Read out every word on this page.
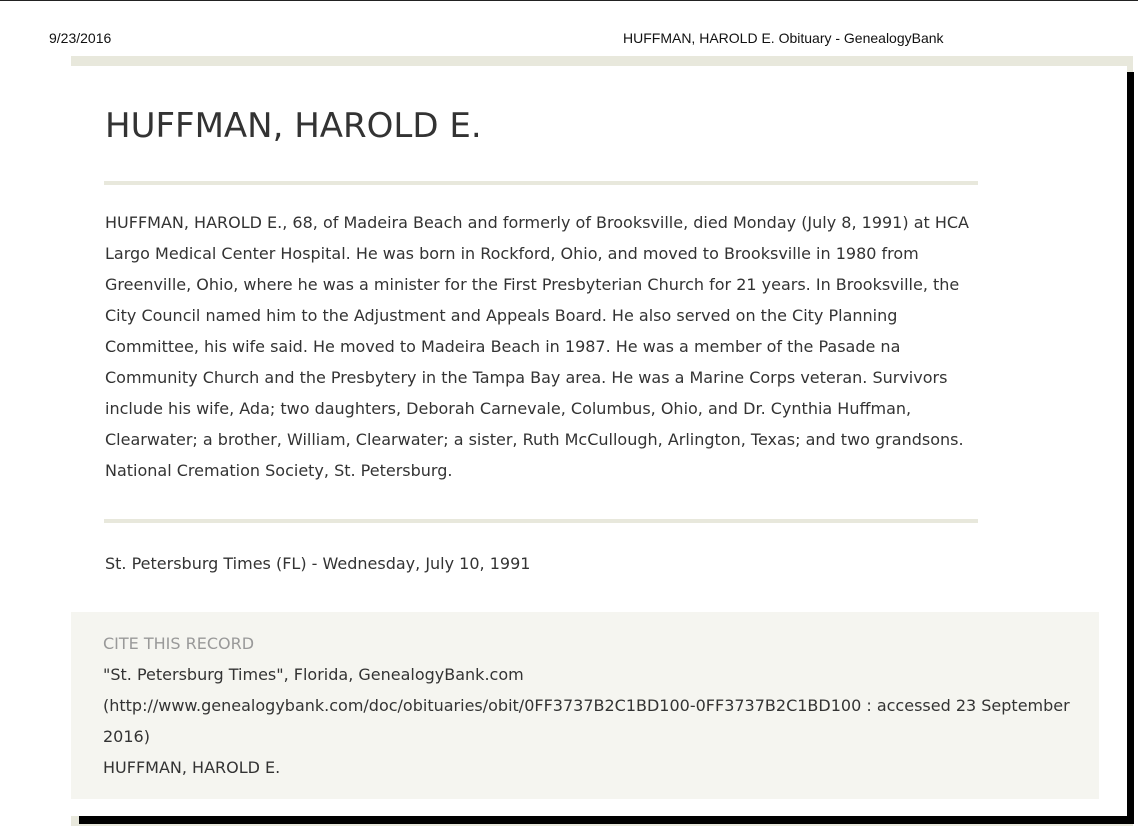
9/23/2016	HUFFMAN, HAROLD E. Obituary - GenealogyBank
HUFFMAN, HAROLD E.

HUFFMAN, HAROLD E., 68, of Madeira Beach and formerly of Brooksville, died Monday (July 8, 1991) at HCA Largo Medical Center Hospital. He was born in Rockford, Ohio, and moved to Brooksville in 1980 from Greenville, Ohio, where he was a minister for the First Presbyterian Church for 21 years. In Brooksville, the City Council named him to the Adjustment and Appeals Board. He also served on the City Planning Committee, his wife said. He moved to Madeira Beach in 1987. He was a member of the Pasade na Community Church and the Presbytery in the Tampa Bay area. He was a Marine Corps veteran. Survivors include his wife, Ada; two daughters, Deborah Carnevale, Columbus, Ohio, and Dr. Cynthia Huffman, Clearwater; a brother, William, Clearwater; a sister, Ruth McCullough, Arlington, Texas; and two grandsons. National Cremation Society, St. Petersburg.

St. Petersburg Times (FL) - Wednesday, July 10, 1991

CITE THIS RECORD

"St. Petersburg Times", Florida, GenealogyBank.com
(http://www.genealogybank.com/doc/obituaries/obit/0FF3737B2C1BD100-0FF3737B2C1BD100 : accessed 23 September 2016)
HUFFMAN, HAROLD E.
